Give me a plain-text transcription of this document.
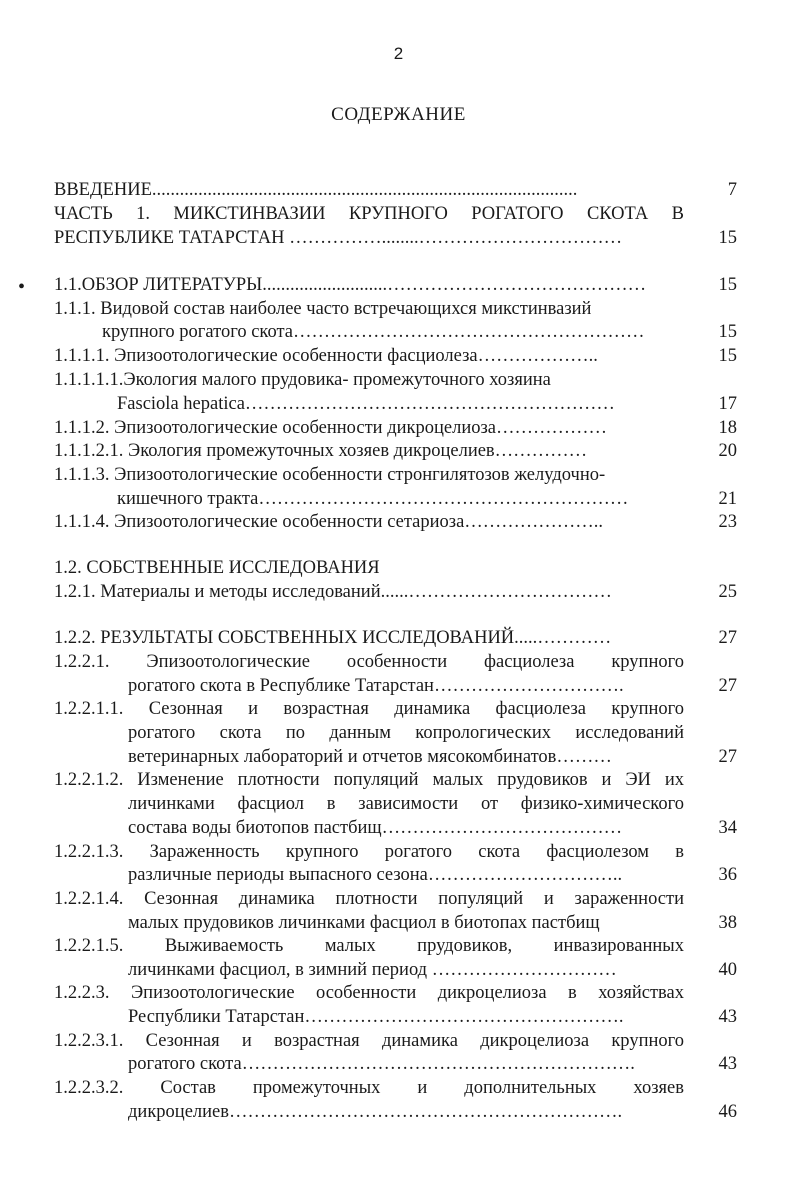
2
СОДЕРЖАНИЕ
•
ВВЕДЕНИЕ............................................................................................	7
ЧАСТЬ 1. МИКСТИНВАЗИИ КРУПНОГО РОГАТОГО СКОТА В
РЕСПУБЛИКЕ ТАТАРСТАН ……………........……………………………	15
1.1.ОБЗОР ЛИТЕРАТУРЫ...........................……………………………………	15
1.1.1. Видовой состав наиболее часто встречающихся микстинвазий
крупного рогатого скота…………………………………………………	15
1.1.1.1. Эпизоотологические особенности фасциолеза………………..	15
1.1.1.1.1.Экология малого прудовика- промежуточного хозяина
Fasciola hepatica……………………………………………………	17
1.1.1.2. Эпизоотологические особенности дикроцелиоза………………	18
1.1.1.2.1. Экология промежуточных хозяев дикроцелиев……………	20
1.1.1.3. Эпизоотологические особенности стронгилятозов желудочно-
кишечного тракта……………………………………………………	21
1.1.1.4. Эпизоотологические особенности сетариоза…………………..	23
1.2. СОБСТВЕННЫЕ ИССЛЕДОВАНИЯ
1.2.1. Материалы и методы исследований......……………………………	25
1.2.2. РЕЗУЛЬТАТЫ СОБСТВЕННЫХ ИССЛЕДОВАНИЙ.....…………	27
1.2.2.1. Эпизоотологические особенности фасциолеза крупного
рогатого скота в Республике Татарстан………………………….	27
1.2.2.1.1. Сезонная и возрастная динамика фасциолеза крупного
рогатого скота по данным копрологических исследований
ветеринарных лабораторий и отчетов мясокомбинатов………	27
1.2.2.1.2. Изменение плотности популяций малых прудовиков и ЭИ их
личинками фасциол в зависимости от физико-химического
состава воды биотопов пастбищ…………………………………	34
1.2.2.1.3. Зараженность крупного рогатого скота фасциолезом в
различные периоды выпасного сезона…………………………..	36
1.2.2.1.4. Сезонная динамика плотности популяций и зараженности
малых прудовиков личинками фасциол в биотопах пастбищ	38
1.2.2.1.5. Выживаемость малых прудовиков, инвазированных
личинками фасциол, в зимний период …………………………	40
1.2.2.3. Эпизоотологические особенности дикроцелиоза в хозяйствах
Республики Татарстан…………………………………………….	43
1.2.2.3.1. Сезонная и возрастная динамика дикроцелиоза крупного
рогатого скота……………………………………………………….	43
1.2.2.3.2. Состав промежуточных и дополнительных хозяев
дикроцелиев……………………………………………………….	46
